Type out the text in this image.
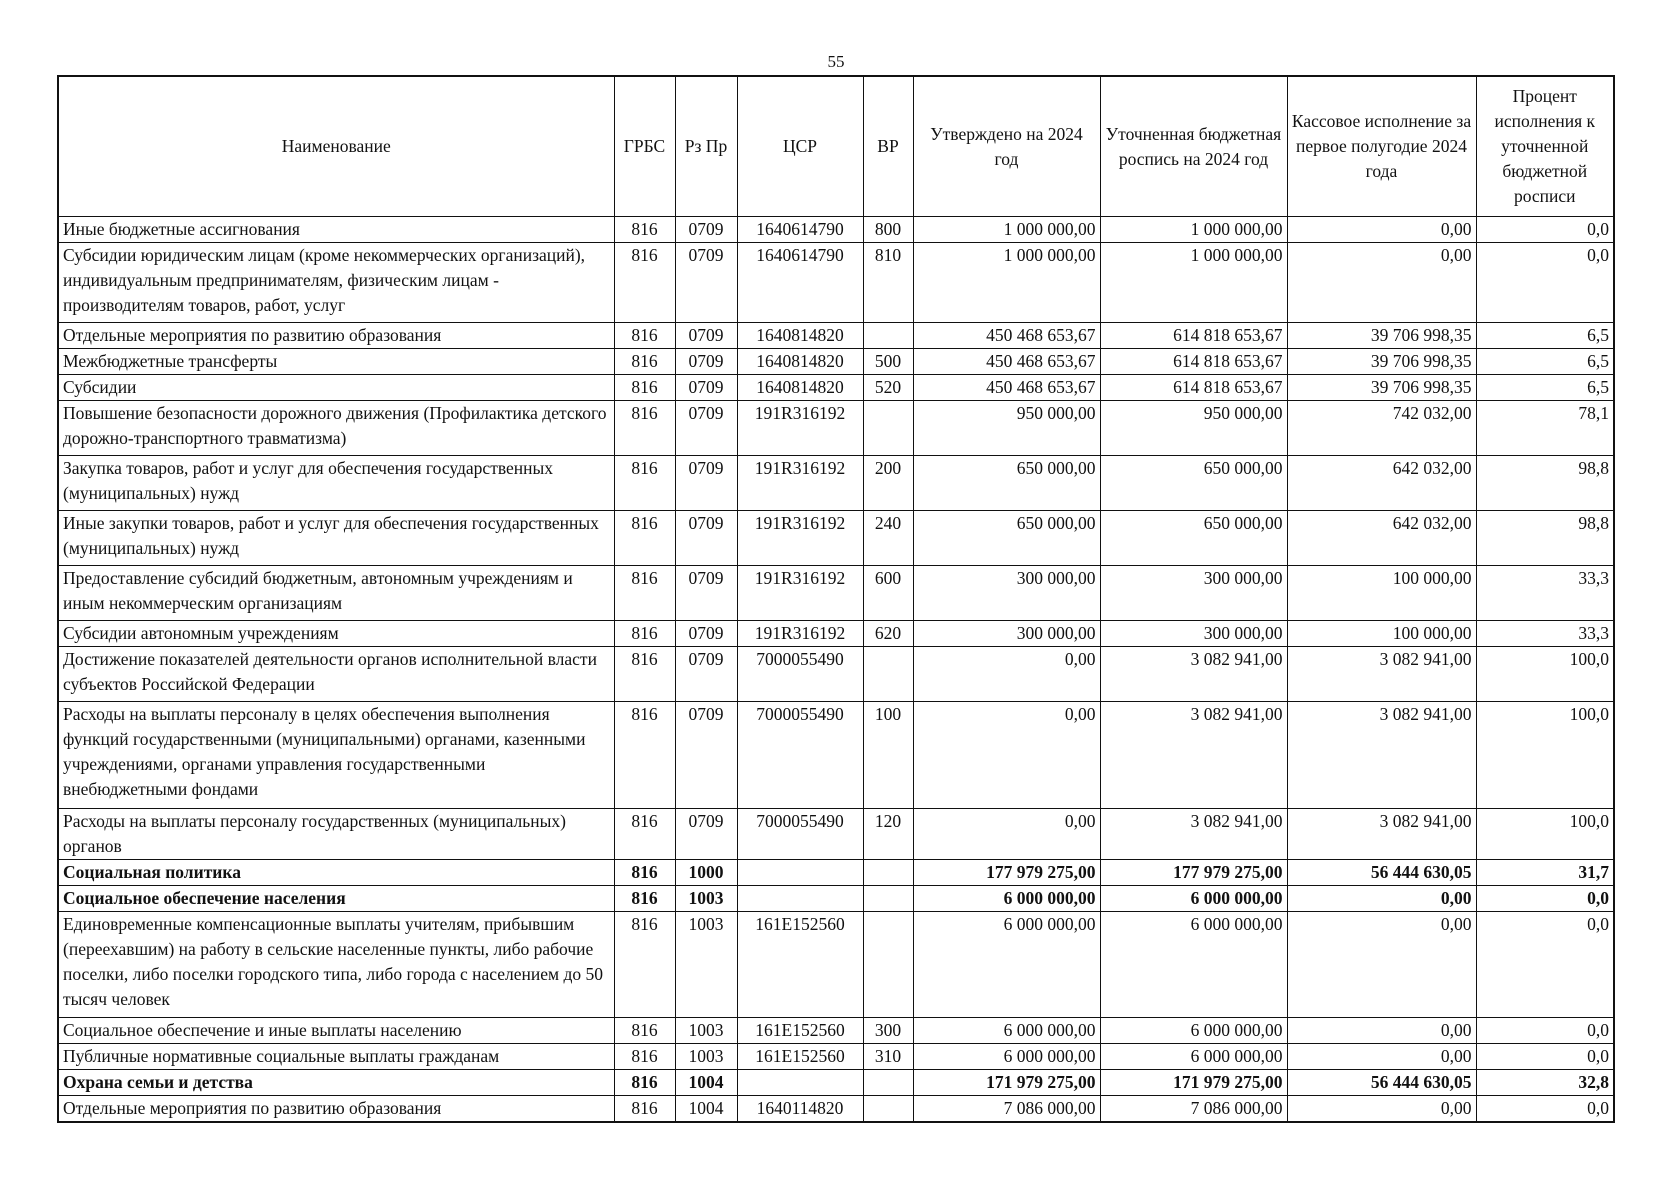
55
Наименование	ГРБС	Рз Пр	ЦСР	ВР	Утверждено на 2024 год	Уточненная бюджетная роспись на 2024 год	Кассовое исполнение за первое полугодие 2024 года	Процент исполнения к уточненной бюджетной росписи
Иные бюджетные ассигнования	816	0709	1640614790	800	1 000 000,00	1 000 000,00	0,00	0,0
Субсидии юридическим лицам (кроме некоммерческих организаций), индивидуальным предпринимателям, физическим лицам - производителям товаров, работ, услуг	816	0709	1640614790	810	1 000 000,00	1 000 000,00	0,00	0,0
Отдельные мероприятия по развитию образования	816	0709	1640814820		450 468 653,67	614 818 653,67	39 706 998,35	6,5
Межбюджетные трансферты	816	0709	1640814820	500	450 468 653,67	614 818 653,67	39 706 998,35	6,5
Субсидии	816	0709	1640814820	520	450 468 653,67	614 818 653,67	39 706 998,35	6,5
Повышение безопасности дорожного движения (Профилактика детского дорожно-транспортного травматизма)	816	0709	191R316192		950 000,00	950 000,00	742 032,00	78,1
Закупка товаров, работ и услуг для обеспечения государственных (муниципальных) нужд	816	0709	191R316192	200	650 000,00	650 000,00	642 032,00	98,8
Иные закупки товаров, работ и услуг для обеспечения государственных (муниципальных) нужд	816	0709	191R316192	240	650 000,00	650 000,00	642 032,00	98,8
Предоставление субсидий бюджетным, автономным учреждениям и иным некоммерческим организациям	816	0709	191R316192	600	300 000,00	300 000,00	100 000,00	33,3
Субсидии автономным учреждениям	816	0709	191R316192	620	300 000,00	300 000,00	100 000,00	33,3
Достижение показателей деятельности органов исполнительной власти субъектов Российской Федерации	816	0709	7000055490		0,00	3 082 941,00	3 082 941,00	100,0
Расходы на выплаты персоналу в целях обеспечения выполнения функций государственными (муниципальными) органами, казенными учреждениями, органами управления государственными внебюджетными фондами	816	0709	7000055490	100	0,00	3 082 941,00	3 082 941,00	100,0
Расходы на выплаты персоналу государственных (муниципальных) органов	816	0709	7000055490	120	0,00	3 082 941,00	3 082 941,00	100,0
Социальная политика	816	1000			177 979 275,00	177 979 275,00	56 444 630,05	31,7
Социальное обеспечение населения	816	1003			6 000 000,00	6 000 000,00	0,00	0,0
Единовременные компенсационные выплаты учителям, прибывшим (переехавшим) на работу в сельские населенные пункты, либо рабочие поселки, либо поселки городского типа, либо города с населением до 50 тысяч человек	816	1003	161E152560		6 000 000,00	6 000 000,00	0,00	0,0
Социальное обеспечение и иные выплаты населению	816	1003	161E152560	300	6 000 000,00	6 000 000,00	0,00	0,0
Публичные нормативные социальные выплаты гражданам	816	1003	161E152560	310	6 000 000,00	6 000 000,00	0,00	0,0
Охрана семьи и детства	816	1004			171 979 275,00	171 979 275,00	56 444 630,05	32,8
Отдельные мероприятия по развитию образования	816	1004	1640114820		7 086 000,00	7 086 000,00	0,00	0,0
